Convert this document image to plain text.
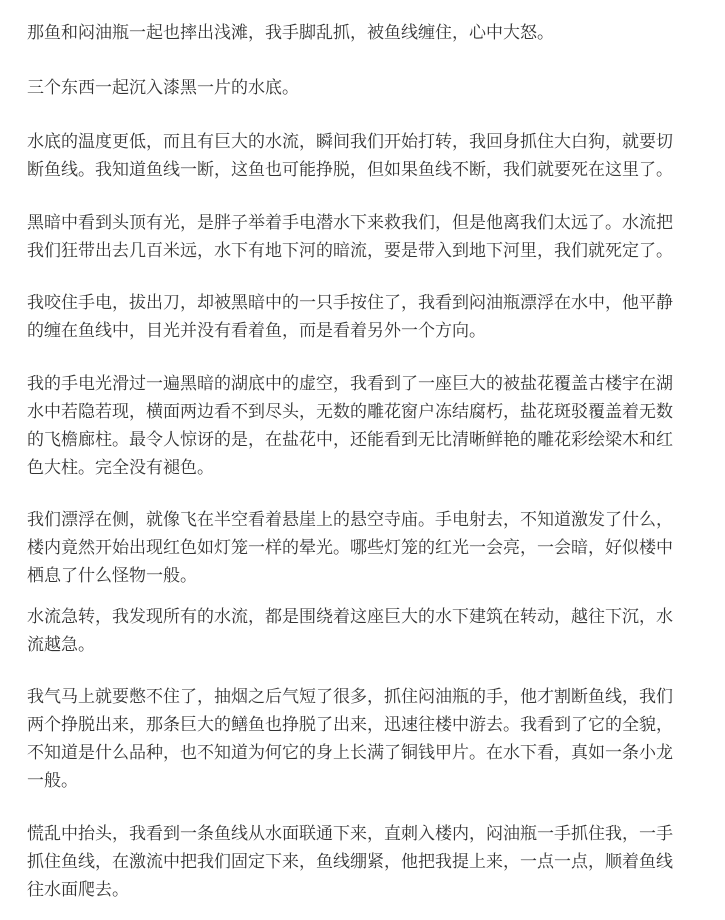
那鱼和闷油瓶一起也摔出浅滩，我手脚乱抓，被鱼线缠住，心中大怒。

三个东西一起沉入漆黑一片的水底。

水底的温度更低，而且有巨大的水流，瞬间我们开始打转，我回身抓住大白狗，就要切
断鱼线。我知道鱼线一断，这鱼也可能挣脱，但如果鱼线不断，我们就要死在这里了。

黑暗中看到头顶有光，是胖子举着手电潜水下来救我们，但是他离我们太远了。水流把
我们狂带出去几百米远，水下有地下河的暗流，要是带入到地下河里，我们就死定了。

我咬住手电，拔出刀，却被黑暗中的一只手按住了，我看到闷油瓶漂浮在水中，他平静
的缠在鱼线中，目光并没有看着鱼，而是看着另外一个方向。

我的手电光滑过一遍黑暗的湖底中的虚空，我看到了一座巨大的被盐花覆盖古楼宇在湖
水中若隐若现，横面两边看不到尽头，无数的雕花窗户冻结腐朽，盐花斑驳覆盖着无数
的飞檐廊柱。最令人惊讶的是，在盐花中，还能看到无比清晰鲜艳的雕花彩绘梁木和红
色大柱。完全没有褪色。

我们漂浮在侧，就像飞在半空看着悬崖上的悬空寺庙。手电射去，不知道激发了什么，
楼内竟然开始出现红色如灯笼一样的晕光。哪些灯笼的红光一会亮，一会暗，好似楼中
栖息了什么怪物一般。

水流急转，我发现所有的水流，都是围绕着这座巨大的水下建筑在转动，越往下沉，水
流越急。

我气马上就要憋不住了，抽烟之后气短了很多，抓住闷油瓶的手，他才割断鱼线，我们
两个挣脱出来，那条巨大的鳝鱼也挣脱了出来，迅速往楼中游去。我看到了它的全貌，
不知道是什么品种，也不知道为何它的身上长满了铜钱甲片。在水下看，真如一条小龙
一般。

慌乱中抬头，我看到一条鱼线从水面联通下来，直刺入楼内，闷油瓶一手抓住我，一手
抓住鱼线，在激流中把我们固定下来，鱼线绷紧，他把我提上来，一点一点，顺着鱼线
往水面爬去。
